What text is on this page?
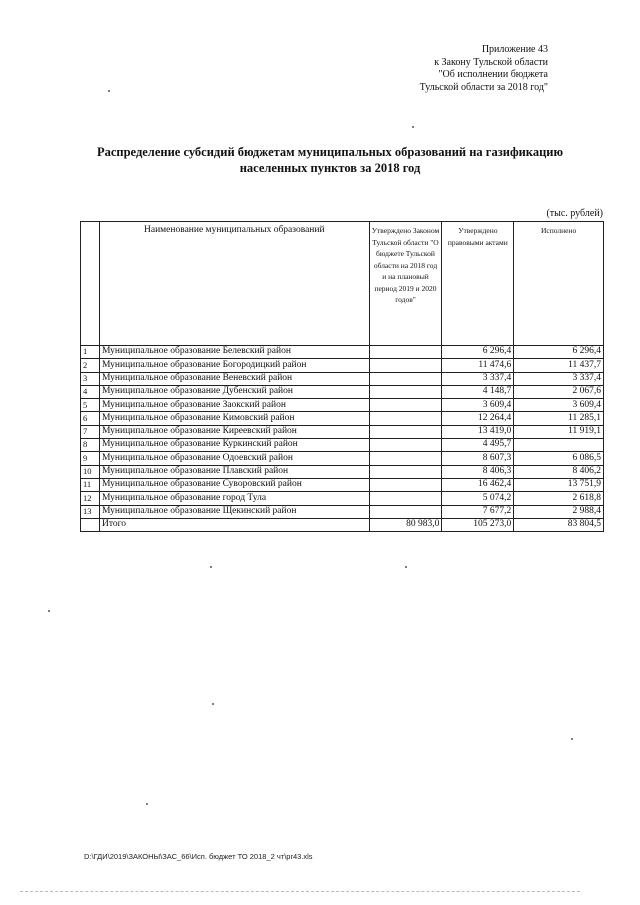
Приложение 43
к Закону Тульской области
"Об исполнении бюджета
Тульской области за 2018 год"
Распределение субсидий бюджетам муниципальных образований на газификацию
населенных пунктов за 2018 год
(тыс. рублей)
	Наименование муниципальных образований	Утверждено Законом Тульской области "О бюджете Тульской области на 2018 год и на плановый период 2019 и 2020 годов"	Утверждено правовыми актами	Исполнено
1	Муниципальное образование Белевский район		6 296,4	6 296,4
2	Муниципальное образование Богородицкий район		11 474,6	11 437,7
3	Муниципальное образование Веневский район		3 337,4	3 337,4
4	Муниципальное образование Дубенский район		4 148,7	2 067,6
5	Муниципальное образование Заокский район		3 609,4	3 609,4
6	Муниципальное образование Кимовский район		12 264,4	11 285,1
7	Муниципальное образование Киреевский район		13 419,0	11 919,1
8	Муниципальное образование Куркинский район		4 495,7	
9	Муниципальное образование Одоевский район		8 607,3	6 086,5
10	Муниципальное образование Плавский район		8 406,3	8 406,2
11	Муниципальное образование Суворовский район		16 462,4	13 751,9
12	Муниципальное образование город Тула		5 074,2	2 618,8
13	Муниципальное образование Щекинский район		7 677,2	2 988,4
	Итого	80 983,0	105 273,0	83 804,5
D:\ГДИ\2019\ЗАКОНЫ\ЗАС_66\Исп. бюджет ТО 2018_2 чт\pr43.xls
